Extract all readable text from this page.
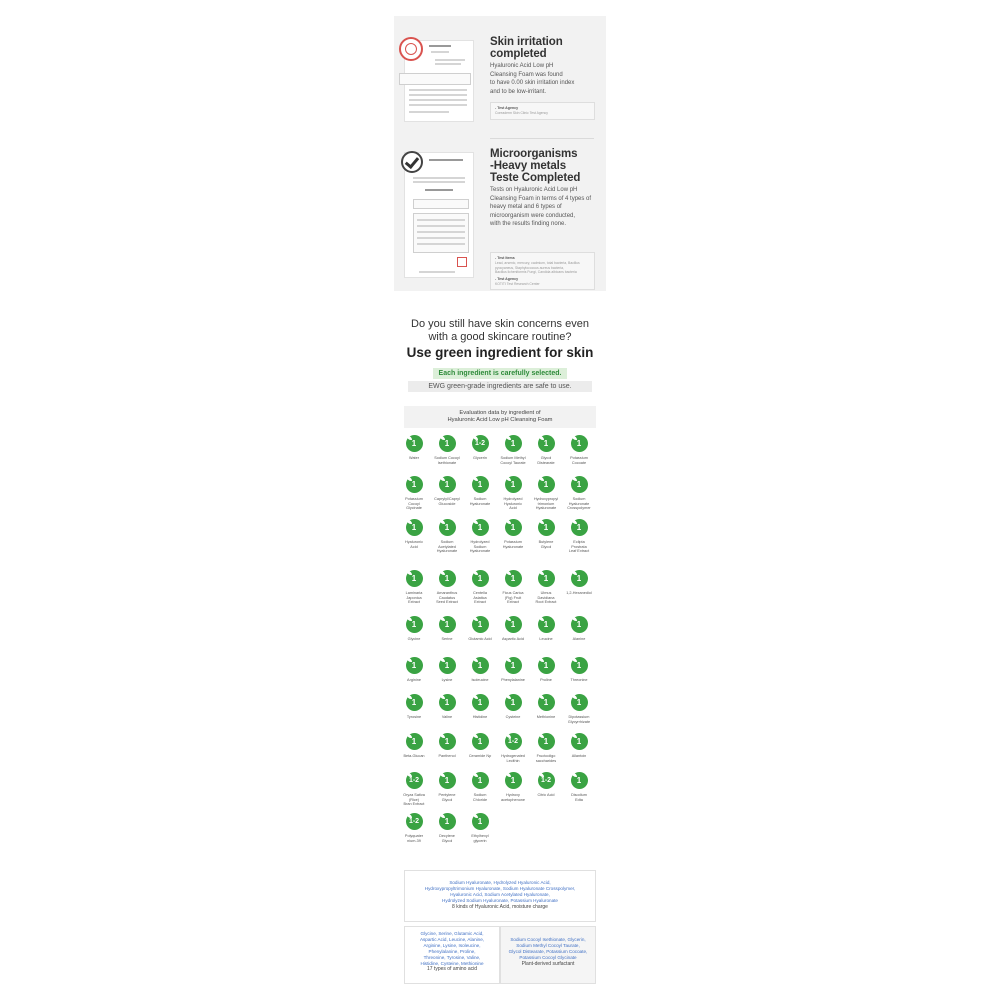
Skin irritation
completed
Hyaluronic Acid Low pH
Cleansing Foam was found
to have 0.00 skin irritation index
and to be low-irritant.
- Test Agency
Coreaderm Skin Clinic Test Agency
Microorganisms
-Heavy metals
Teste Completed
Tests on Hyaluronic Acid Low pH
Cleansing Foam in terms of 4 types of
heavy metal and 6 types of
microorganism were conducted,
with the results finding none.
- Test Items
Lead, arsenic, mercury, cadmium, total bacteria, Bacillus
pyocyaneus, Staphylococcus aureus bacteria,
Bacillus licheniformis Fungi, Candida albicans bacteria
- Test Agency
KOTITI Test Research Center
Do you still have skin concerns even
with a good skincare routine?
Use green ingredient for skin
Each ingredient is carefully selected.
EWG green-grade ingredients are safe to use.
Evaluation data by ingredient of
Hyaluronic Acid Low pH Cleansing Foam
1
Water
1
Sodium Cocoyl
Isethionate
1-2
Glycerin
1
Sodium Methyl
Cocoyl Taurate
1
Glycol
Distearate
1
Potassium
Cocoate
1
Potassium
Cocoyl
Glycinate
1
Caprylyl/Capryl
Glucoside
1
Sodium
Hyaluronate
1
Hydrolyzed
Hyaluronic
Acid
1
Hydroxypropyl
trimonium
Hyaluronate
1
Sodium
Hyaluronate
Crosspolymer
1
Hyaluronic
Acid
1
Sodium
Acetylated
Hyaluronate
1
Hydrolyzed
Sodium
Hyaluronate
1
Potassium
Hyaluronate
1
Butylene
Glycol
1
Eclipta
Prostrata
Leaf Extract
1
Laminaria
Japonica
Extract
1
Amaranthus
Caudatus
Seed Extract
1
Centella
Asiatica
Extract
1
Ficus Carica
(Fig) Fruit
Extract
1
Ulmus
Davidiana
Root Extract
1
1,2-Hexanediol
1
Glycine
1
Serine
1
Glutamic Acid
1
Aspartic Acid
1
Leucine
1
Alanine
1
Arginine
1
Lysine
1
Isoleucine
1
Phenylalanine
1
Proline
1
Threonine
1
Tyrosine
1
Valine
1
Histidine
1
Cysteine
1
Methionine
1
Dipotassium
Glycyrrhizate
1
Beta-Glucan
1
Panthenol
1
Ceramide Np
1-2
Hydrogenated
Lecithin
1
Fructooligo
saccharides
1
Allantoin
1-2
Oryza Sativa
(Rice)
Bran Extract
1
Pentylene
Glycol
1
Sodium
Chloride
1
Hydroxy
acetophenone
1-2
Citric Acid
1
Disodium
Edta
1-2
Polyquater
nium-39
1
Decylene
Glycol
1
Ethylhexyl
glycerin
Sodium Hyaluronate, Hydrolyzed Hyaluronic Acid,
Hydroxypropyltrimonium Hyaluronate, Sodium Hyaluronate Crosspolymer,
Hyaluronic Acid, Sodium Acetylated Hyaluronate,
Hydrolyzed Sodium Hyaluronate, Potassium Hyaluronate
8 kinds of Hyaluronic Acid, moisture charge
Glycine, Serine, Glutamic Acid,
Aspartic Acid, Leucine, Alanine,
Arginine, Lysine, Isoleucine,
Phenylalanine, Proline,
Threonine, Tyrosine, Valine,
Histidine, Cysteine, Methionine
17 types of amino acid
Sodium Cocoyl Isethionate, Glycerin,
Sodium Methyl Cocoyl Taurate,
Glycol Distearate, Potassium Cocoate,
Potassium Cocoyl Glycinate
Plant-derived surfactant
